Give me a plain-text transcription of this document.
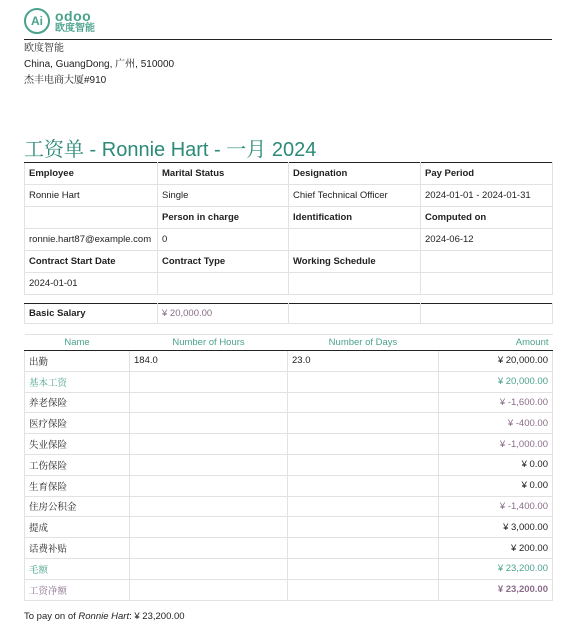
Ai odoo
欧度智能
欧度智能
China, GuangDong, 广州, 510000
杰丰电商大厦#910
工资单 - Ronnie Hart - 一月 2024
Employee	Marital Status	Designation	Pay Period
Ronnie Hart	Single	Chief Technical Officer	2024-01-01 - 2024-01-31
	Person in charge	Identification	Computed on
ronnie.hart87@example.com	0		2024-06-12
Contract Start Date	Contract Type	Working Schedule	
2024-01-01			
Basic Salary	¥ 20,000.00		
Name	Number of Hours	Number of Days	Amount
出勤	184.0	23.0	¥ 20,000.00
基本工资			¥ 20,000.00
养老保险			¥ -1,600.00
医疗保险			¥ -400.00
失业保险			¥ -1,000.00
工伤保险			¥ 0.00
生育保险			¥ 0.00
住房公积金			¥ -1,400.00
提成			¥ 3,000.00
话费补贴			¥ 200.00
毛额			¥ 23,200.00
工资净额			¥ 23,200.00
To pay on of Ronnie Hart: ¥ 23,200.00
